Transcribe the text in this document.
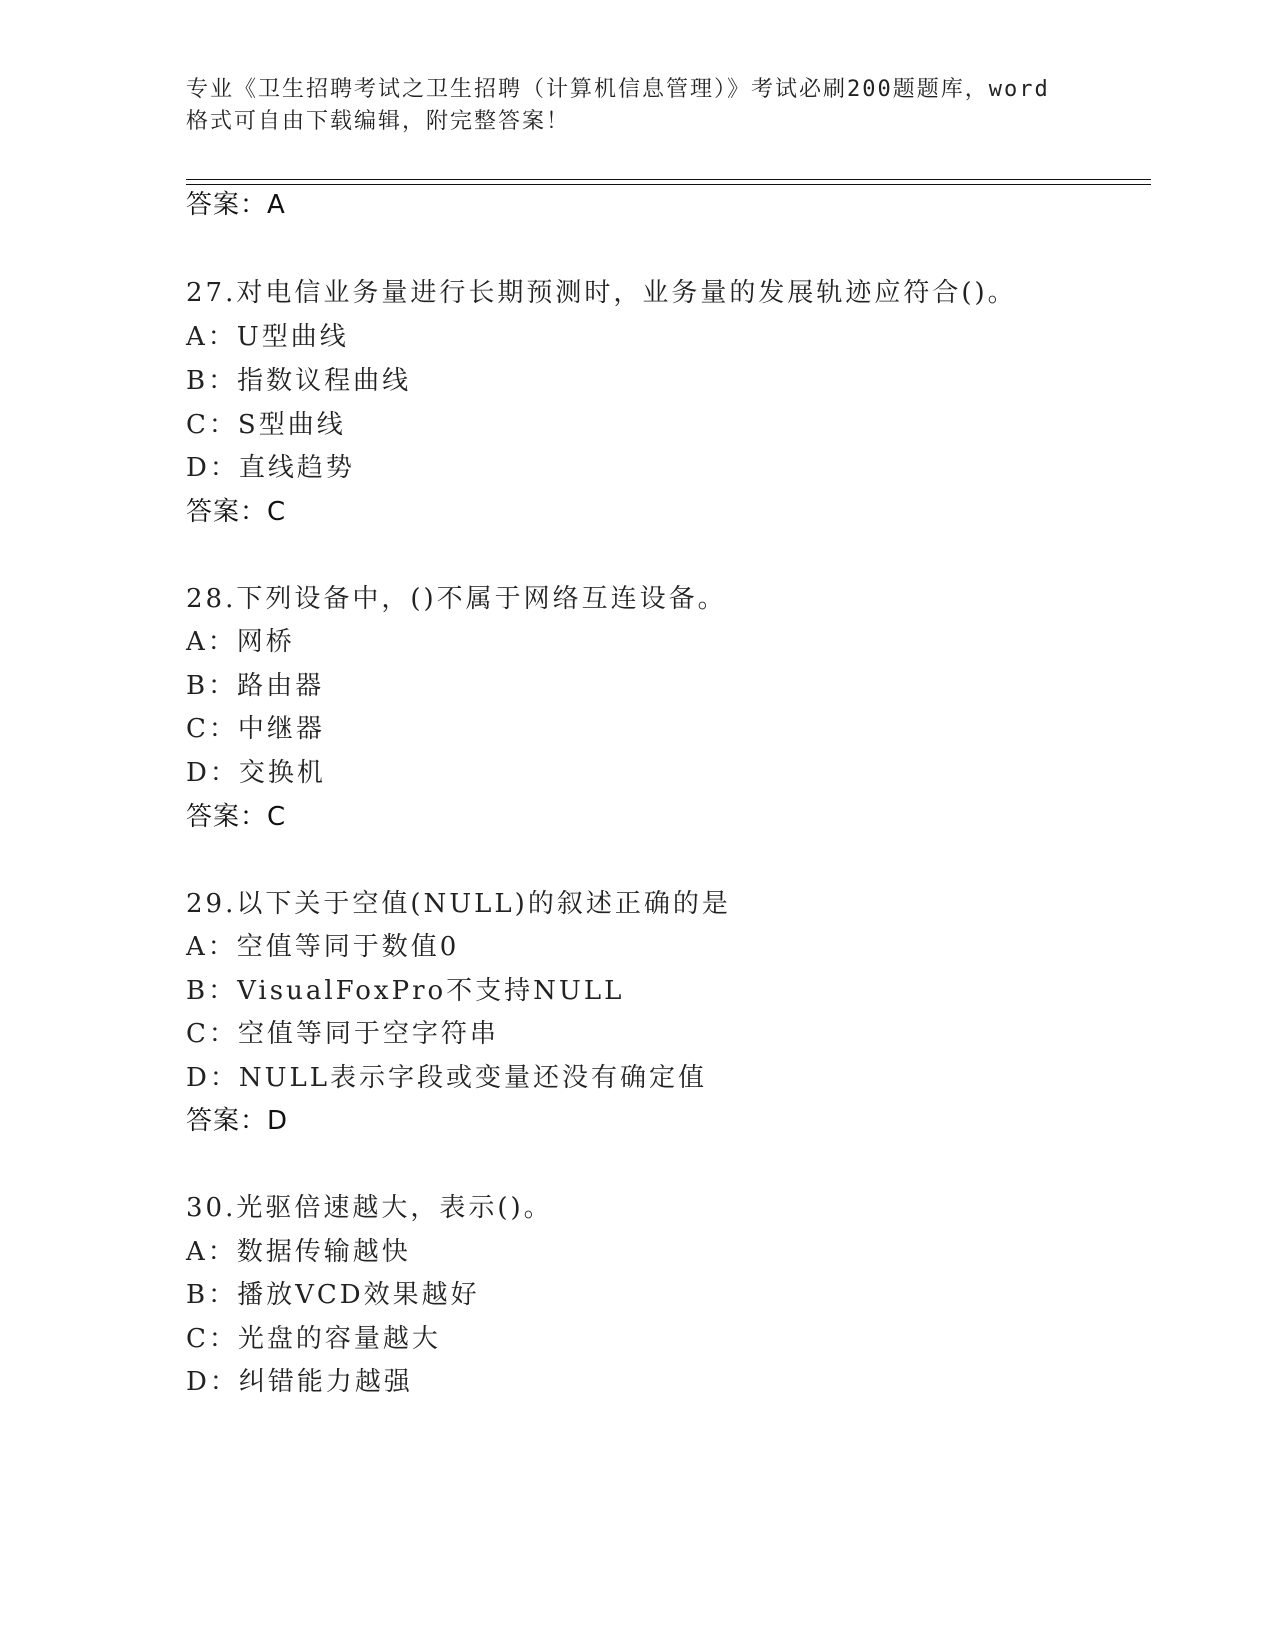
专业《卫生招聘考试之卫生招聘（计算机信息管理）》考试必刷200题题库，word
格式可自由下载编辑，附完整答案！
答案：A
27.对电信业务量进行长期预测时，业务量的发展轨迹应符合()。
A：U型曲线
B：指数议程曲线
C：S型曲线
D：直线趋势
答案：C
28.下列设备中，()不属于网络互连设备。
A：网桥
B：路由器
C：中继器
D：交换机
答案：C
29.以下关于空值(NULL)的叙述正确的是
A：空值等同于数值0
B：VisualFoxPro不支持NULL
C：空值等同于空字符串
D：NULL表示字段或变量还没有确定值
答案：D
30.光驱倍速越大，表示()。
A：数据传输越快
B：播放VCD效果越好
C：光盘的容量越大
D：纠错能力越强
